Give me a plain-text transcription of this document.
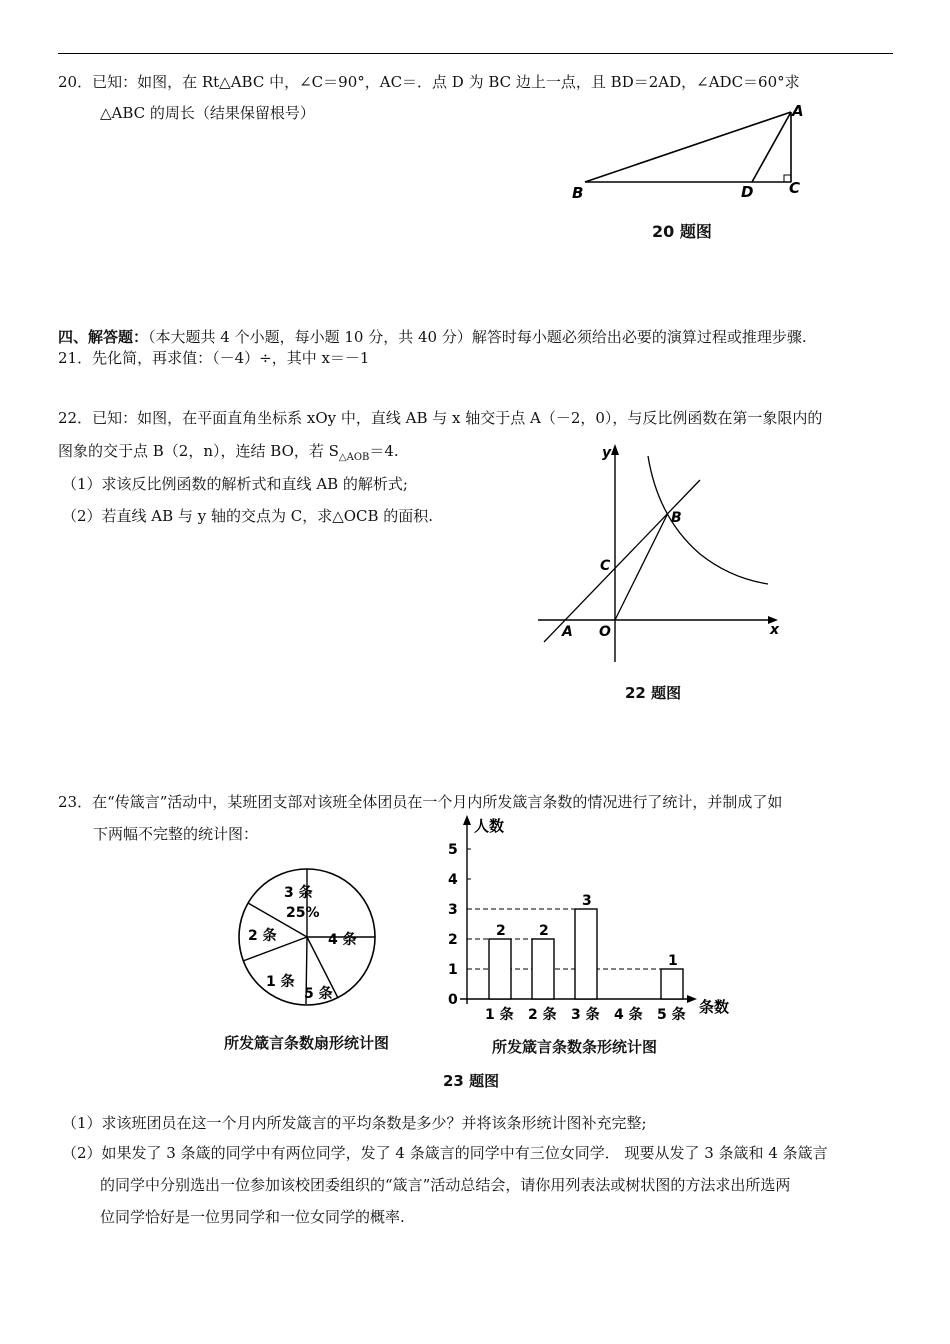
20．已知：如图，在 Rt△ABC 中，∠C＝90°，AC＝．点 D 为 BC 边上一点，且 BD＝2AD，∠ADC＝60°求
△ABC 的周长（结果保留根号）	A
B	C
D
20 题图
四、解答题：（本大题共 4 个小题，每小题 10 分，共 40 分）解答时每小题必须给出必要的演算过程或推理步骤.
21．先化简，再求值：（－4）÷，其中 x＝－1
22．已知：如图，在平面直角坐标系 xOy 中，直线 AB 与 x 轴交于点 A（－2，0），与反比例函数在第一象限内的
图象的交于点 B（2，n），连结 BO，若 $S_{\triangle AOB}=4$.
（1）求该反比例函数的解析式和直线 AB 的解析式;
（2）若直线 AB 与 y 轴的交点为 C，求△OCB 的面积.
y
x
A O
C
B
22 题图
23．在“传箴言”活动中，某班团支部对该班全体团员在一个月内所发箴言条数的情况进行了统计，并制成了如
下两幅不完整的统计图：
3 条
25%
4 条
2 条
1 条
5 条
所发箴言条数扇形统计图
人数
条数
0
1
2
3
4
5
2 2
3
1
1 条 2 条 3 条 4 条 5 条
所发箴言条数条形统计图
23 题图
（1）求该班团员在这一个月内所发箴言的平均条数是多少？并将该条形统计图补充完整;
（2）如果发了 3 条箴的同学中有两位同学，发了 4 条箴言的同学中有三位女同学． 现要从发了 3 条箴和 4 条箴言
的同学中分别选出一位参加该校团委组织的“箴言”活动总结会，请你用列表法或树状图的方法求出所选两
位同学恰好是一位男同学和一位女同学的概率.
